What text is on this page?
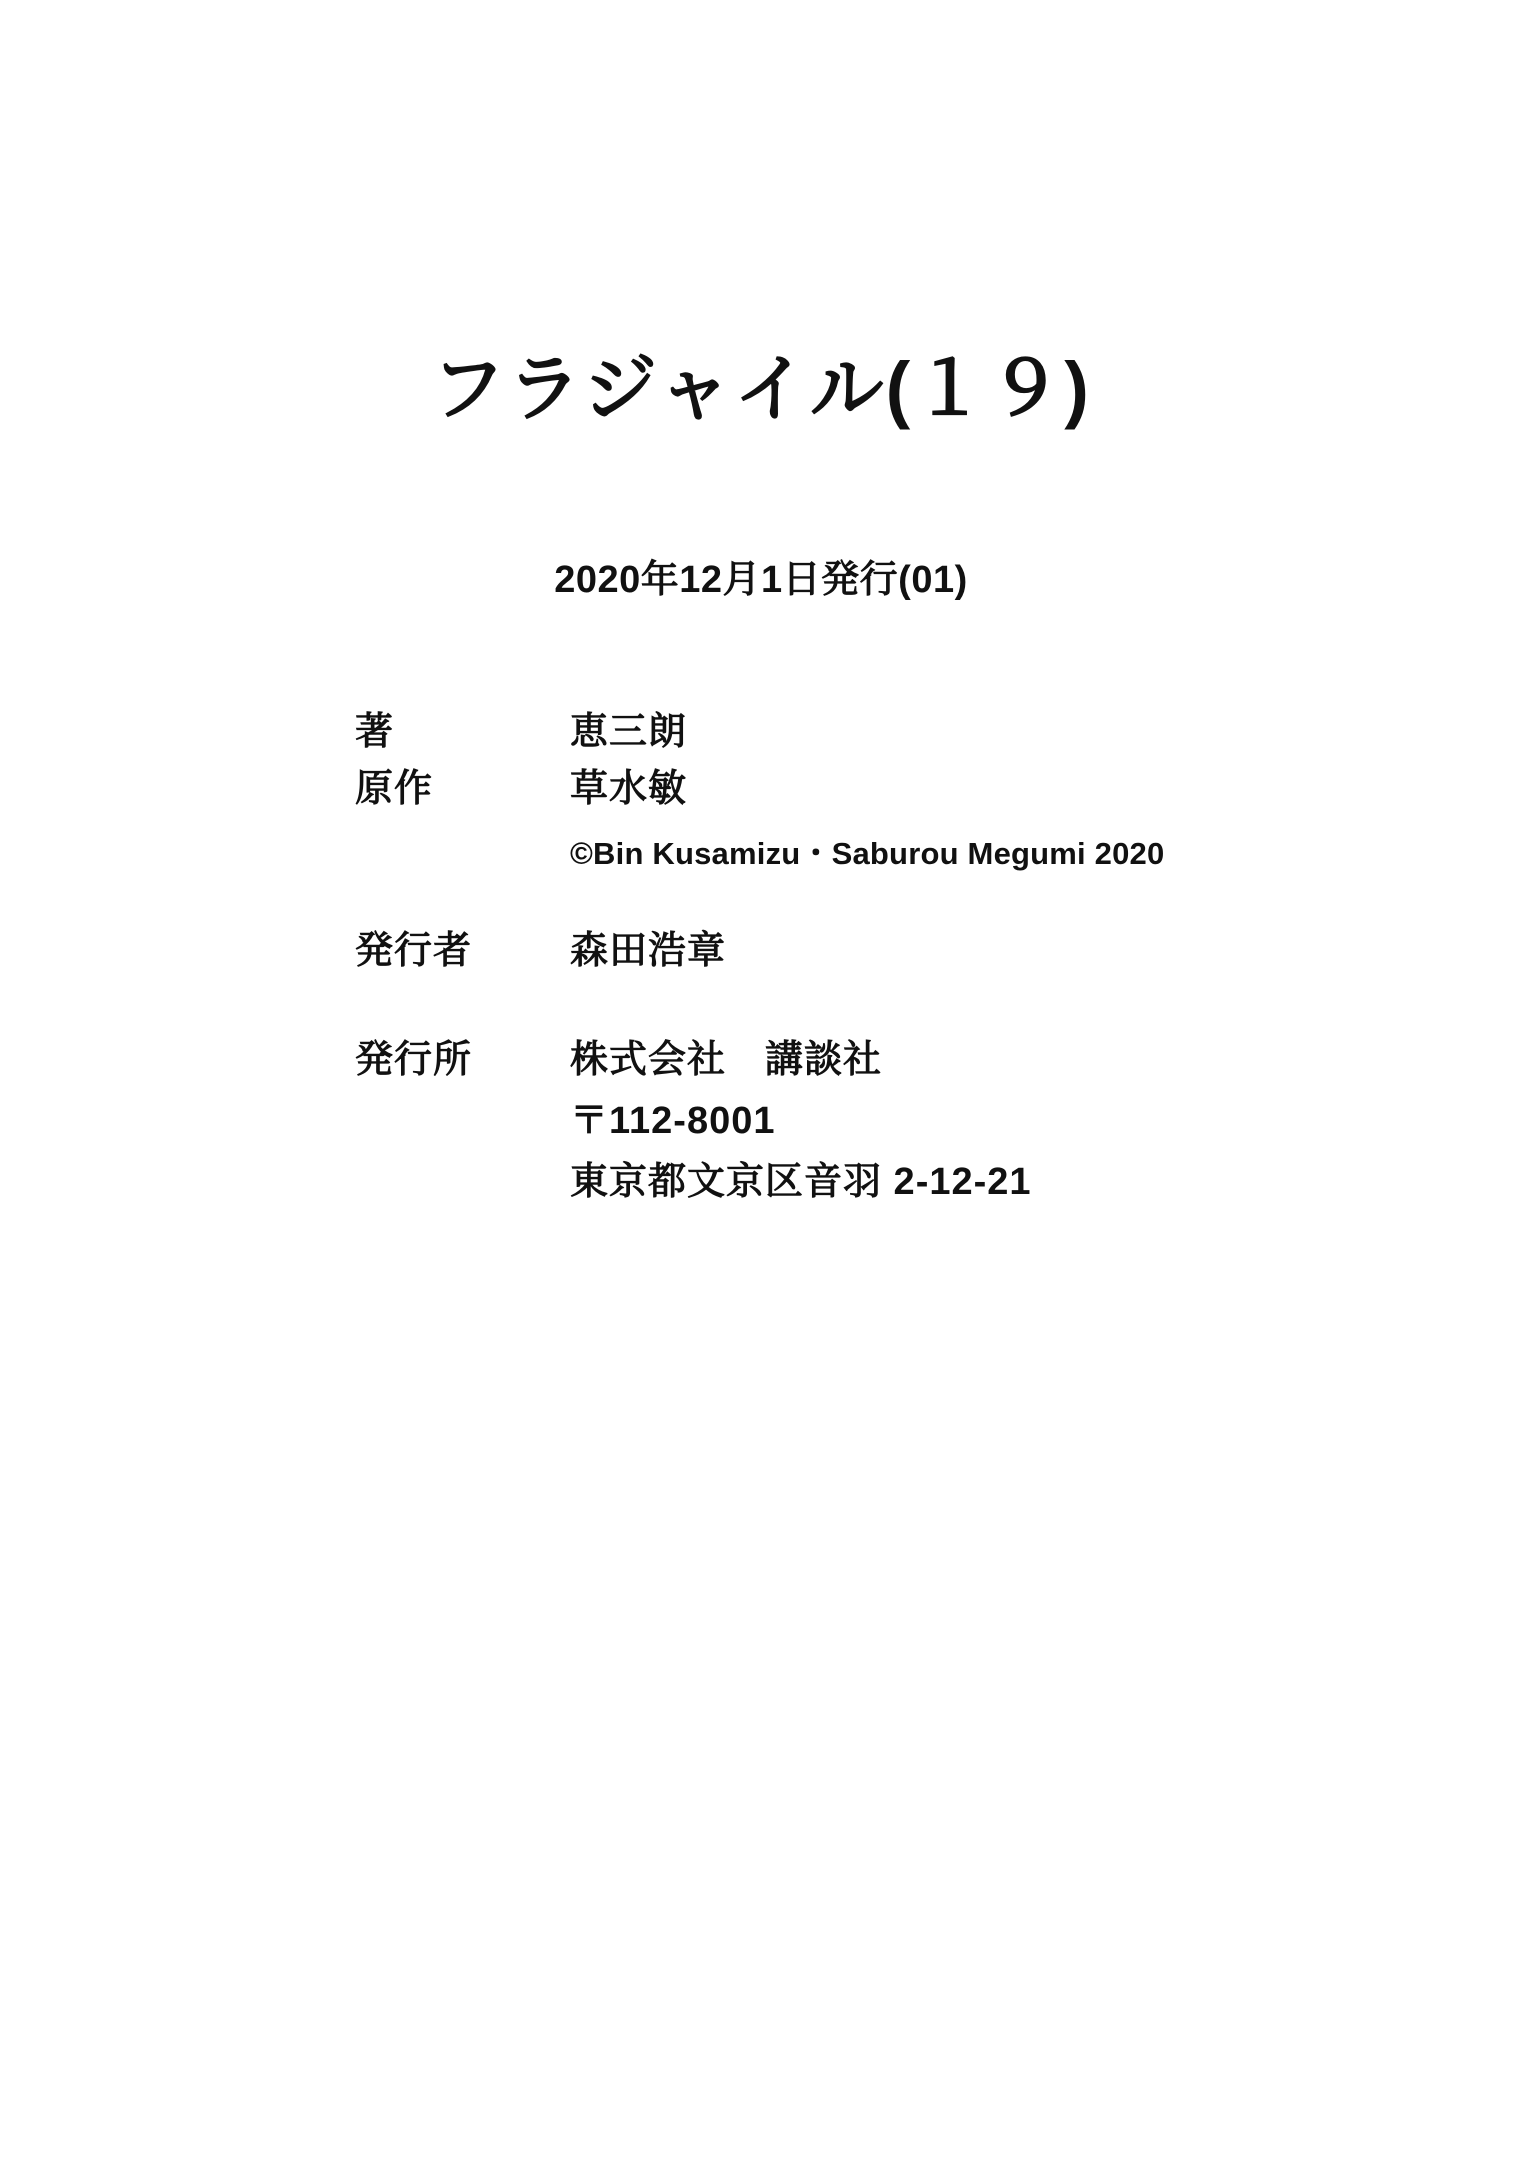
フラジャイル(１９)
2020年12月1日発行(01)
著	恵三朗
原作	草水敏
©Bin Kusamizu・Saburou Megumi 2020
発行者	森田浩章
発行所	株式会社　講談社
〒112-8001
東京都文京区音羽 2-12-21
